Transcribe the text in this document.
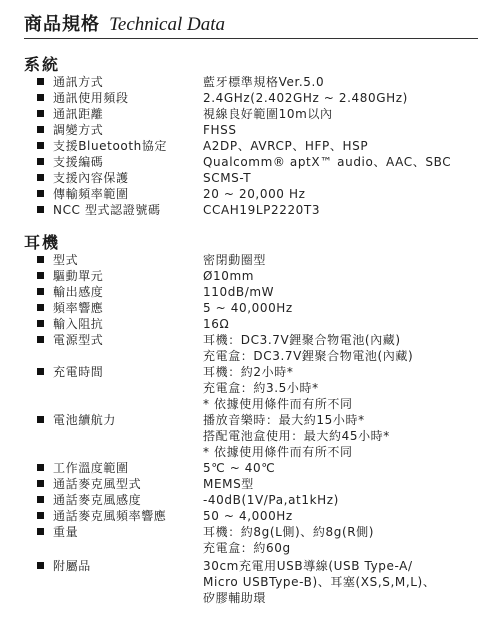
商品規格 Technical Data
系統
通訊方式	藍牙標準規格Ver.5.0
通訊使用頻段	2.4GHz(2.402GHz ~ 2.480GHz)
通訊距離	視線良好範圍10m以內
調變方式	FHSS
支援Bluetooth協定	A2DP、AVRCP、HFP、HSP
支援編碼	Qualcomm® aptX™ audio、AAC、SBC
支援內容保護	SCMS-T
傳輸頻率範圍	20 ~ 20,000 Hz
NCC 型式認證號碼	CCAH19LP2220T3
耳機
型式	密閉動圈型
驅動單元	Ø10mm
輸出感度	110dB/mW
頻率響應	5 ~ 40,000Hz
輸入阻抗	16Ω
電源型式	耳機：DC3.7V鋰聚合物電池(內藏)
充電盒：DC3.7V鋰聚合物電池(內藏)
充電時間	耳機：約2小時*
充電盒：約3.5小時*
* 依據使用條件而有所不同
電池續航力	播放音樂時：最大約15小時*
搭配電池盒使用：最大約45小時*
* 依據使用條件而有所不同
工作溫度範圍	5℃ ~ 40℃
通話麥克風型式	MEMS型
通話麥克風感度	-40dB(1V/Pa,at1kHz)
通話麥克風頻率響應	50 ~ 4,000Hz
重量	耳機：約8g(L側)、約8g(R側)
充電盒：約60g
附屬品	30cm充電用USB導線(USB Type-A/
Micro USBType-B)、耳塞(XS,S,M,L)、
矽膠輔助環
